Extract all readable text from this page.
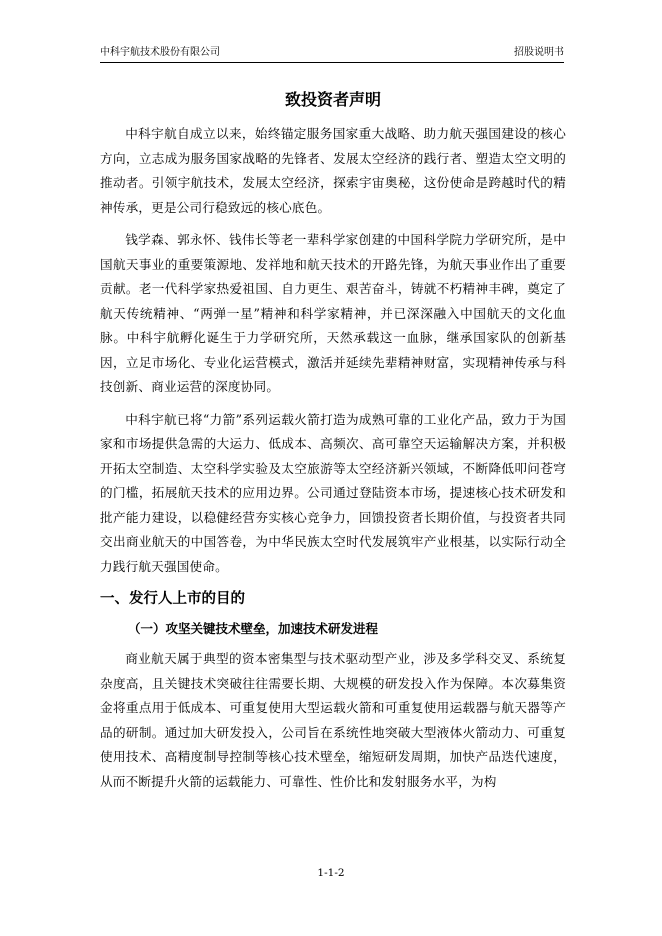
中科宇航技术股份有限公司	招股说明书
致投资者声明

中科宇航自成立以来，始终锚定服务国家重大战略、助力航天强国建设的核心方向，立志成为服务国家战略的先锋者、发展太空经济的践行者、塑造太空文明的推动者。引领宇航技术，发展太空经济，探索宇宙奥秘，这份使命是跨越时代的精神传承，更是公司行稳致远的核心底色。

钱学森、郭永怀、钱伟长等老一辈科学家创建的中国科学院力学研究所，是中国航天事业的重要策源地、发祥地和航天技术的开路先锋，为航天事业作出了重要贡献。老一代科学家热爱祖国、自力更生、艰苦奋斗，铸就不朽精神丰碑，奠定了航天传统精神、“两弹一星”精神和科学家精神，并已深深融入中国航天的文化血脉。中科宇航孵化诞生于力学研究所，天然承载这一血脉，继承国家队的创新基因，立足市场化、专业化运营模式，激活并延续先辈精神财富，实现精神传承与科技创新、商业运营的深度协同。

中科宇航已将“力箭”系列运载火箭打造为成熟可靠的工业化产品，致力于为国家和市场提供急需的大运力、低成本、高频次、高可靠空天运输解决方案，并积极开拓太空制造、太空科学实验及太空旅游等太空经济新兴领域，不断降低叩问苍穹的门槛，拓展航天技术的应用边界。公司通过登陆资本市场，提速核心技术研发和批产能力建设，以稳健经营夯实核心竞争力，回馈投资者长期价值，与投资者共同交出商业航天的中国答卷，为中华民族太空时代发展筑牢产业根基，以实际行动全力践行航天强国使命。

一、发行人上市的目的
（一）攻坚关键技术壁垒，加速技术研发进程

商业航天属于典型的资本密集型与技术驱动型产业，涉及多学科交叉、系统复杂度高，且关键技术突破往往需要长期、大规模的研发投入作为保障。本次募集资金将重点用于低成本、可重复使用大型运载火箭和可重复使用运载器与航天器等产品的研制。通过加大研发投入，公司旨在系统性地突破大型液体火箭动力、可重复使用技术、高精度制导控制等核心技术壁垒，缩短研发周期，加快产品迭代速度，从而不断提升火箭的运载能力、可靠性、性价比和发射服务水平，为构

1-1-2
